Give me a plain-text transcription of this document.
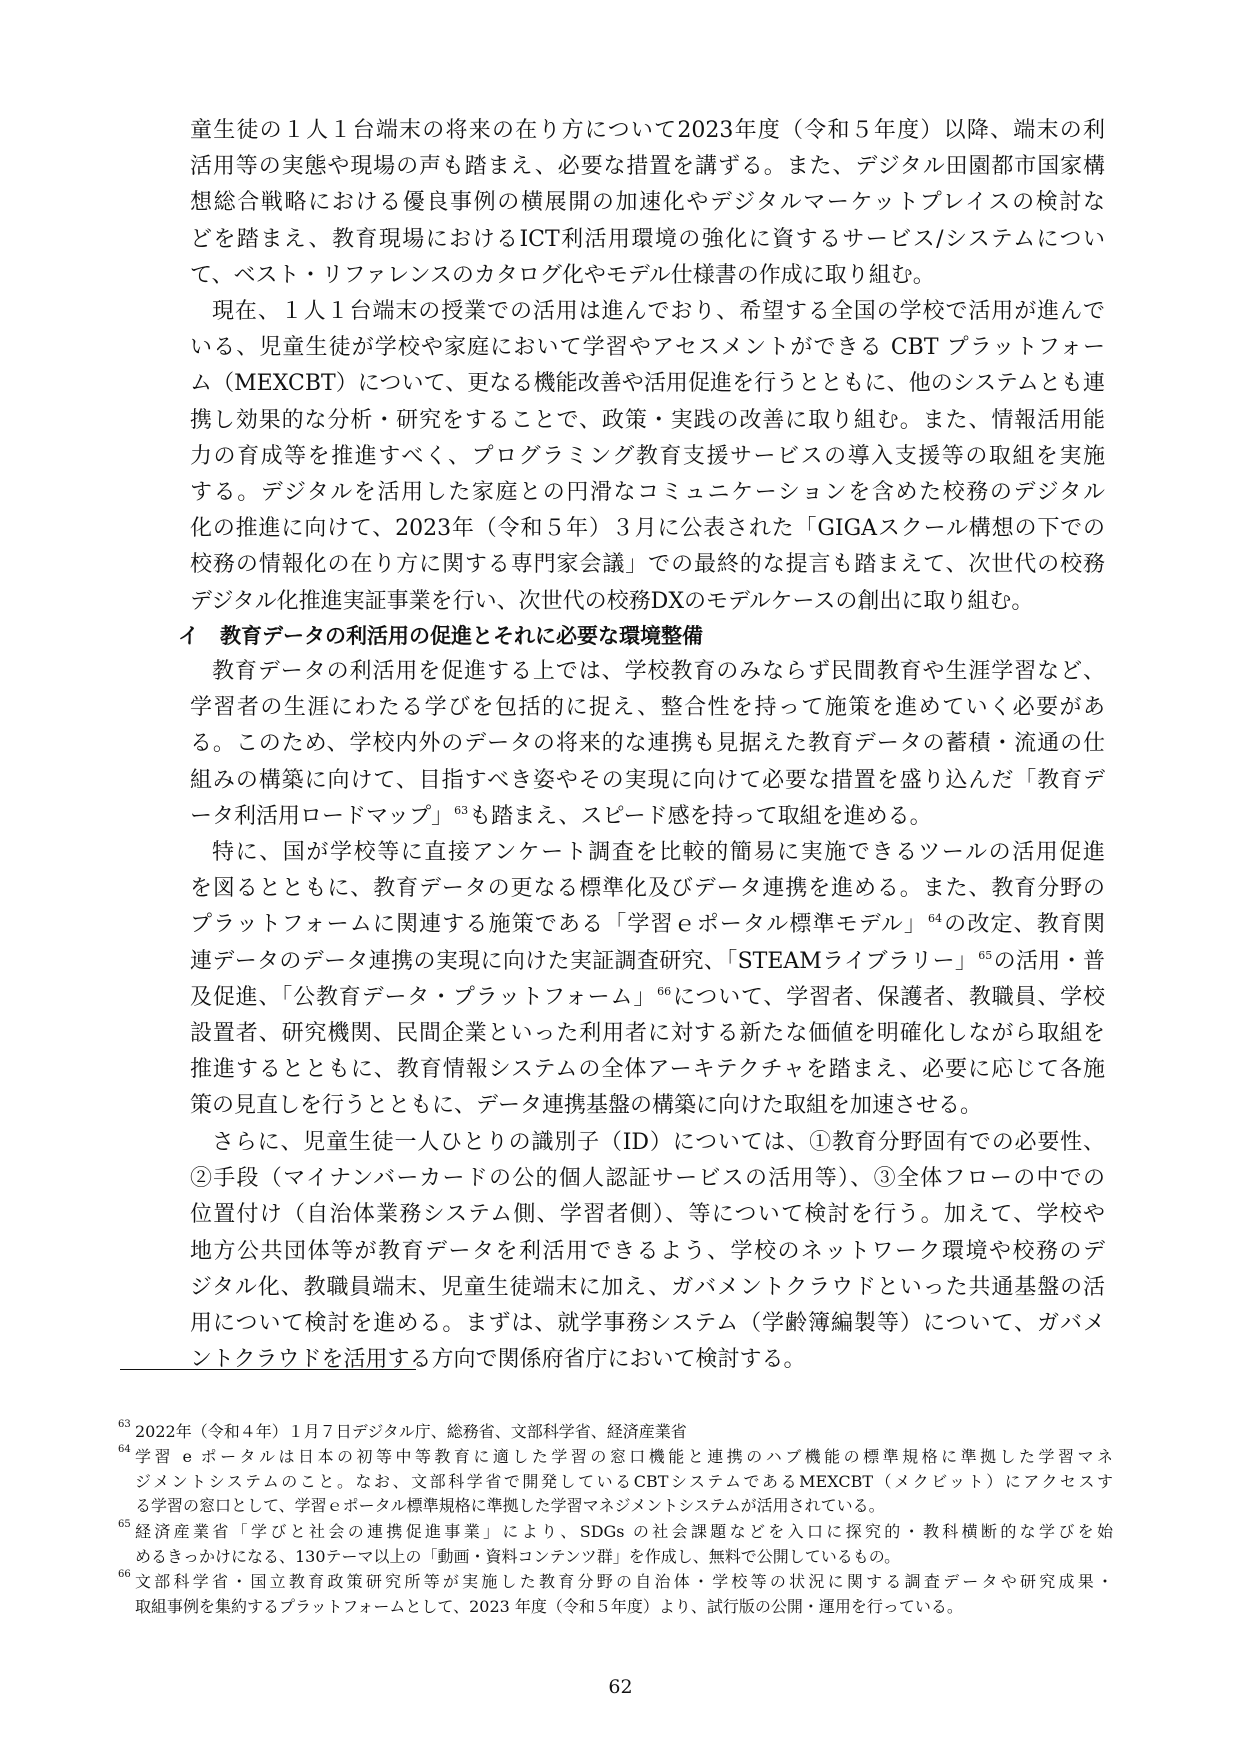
童生徒の１人１台端末の将来の在り方について2023年度（令和５年度）以降、端末の利
活用等の実態や現場の声も踏まえ、必要な措置を講ずる。また、デジタル田園都市国家構
想総合戦略における優良事例の横展開の加速化やデジタルマーケットプレイスの検討な
どを踏まえ、教育現場におけるICT利活用環境の強化に資するサービス/システムについ
て、ベスト・リファレンスのカタログ化やモデル仕様書の作成に取り組む。
現在、１人１台端末の授業での活用は進んでおり、希望する全国の学校で活用が進んで
いる、児童生徒が学校や家庭において学習やアセスメントができる CBT プラットフォー
ム（MEXCBT）について、更なる機能改善や活用促進を行うとともに、他のシステムとも連
携し効果的な分析・研究をすることで、政策・実践の改善に取り組む。また、情報活用能
力の育成等を推進すべく、プログラミング教育支援サービスの導入支援等の取組を実施
する。デジタルを活用した家庭との円滑なコミュニケーションを含めた校務のデジタル
化の推進に向けて、2023年（令和５年）３月に公表された「GIGAスクール構想の下での
校務の情報化の在り方に関する専門家会議」での最終的な提言も踏まえて、次世代の校務
デジタル化推進実証事業を行い、次世代の校務DXのモデルケースの創出に取り組む。
イ　教育データの利活用の促進とそれに必要な環境整備
教育データの利活用を促進する上では、学校教育のみならず民間教育や生涯学習など、
学習者の生涯にわたる学びを包括的に捉え、整合性を持って施策を進めていく必要があ
る。このため、学校内外のデータの将来的な連携も見据えた教育データの蓄積・流通の仕
組みの構築に向けて、目指すべき姿やその実現に向けて必要な措置を盛り込んだ「教育デ
ータ利活用ロードマップ」$^{63}$も踏まえ、スピード感を持って取組を進める。
特に、国が学校等に直接アンケート調査を比較的簡易に実施できるツールの活用促進
を図るとともに、教育データの更なる標準化及びデータ連携を進める。また、教育分野の
プラットフォームに関連する施策である「学習ｅポータル標準モデル」$^{64}$の改定、教育関
連データのデータ連携の実現に向けた実証調査研究、「STEAMライブラリー」$^{65}$の活用・普
及促進、「公教育データ・プラットフォーム」$^{66}$について、学習者、保護者、教職員、学校
設置者、研究機関、民間企業といった利用者に対する新たな価値を明確化しながら取組を
推進するとともに、教育情報システムの全体アーキテクチャを踏まえ、必要に応じて各施
策の見直しを行うとともに、データ連携基盤の構築に向けた取組を加速させる。
さらに、児童生徒一人ひとりの識別子（ID）については、①教育分野固有での必要性、
②手段（マイナンバーカードの公的個人認証サービスの活用等）、③全体フローの中での
位置付け（自治体業務システム側、学習者側）、等について検討を行う。加えて、学校や
地方公共団体等が教育データを利活用できるよう、学校のネットワーク環境や校務のデ
ジタル化、教職員端末、児童生徒端末に加え、ガバメントクラウドといった共通基盤の活
用について検討を進める。まずは、就学事務システム（学齢簿編製等）について、ガバメ
ントクラウドを活用する方向で関係府省庁において検討する。
63 2022年（令和４年）１月７日デジタル庁、総務省、文部科学省、経済産業省
64 学習 e ポータルは日本の初等中等教育に適した学習の窓口機能と連携のハブ機能の標準規格に準拠した学習マネ
ジメントシステムのこと。なお、文部科学省で開発しているCBTシステムであるMEXCBT（メクビット）にアクセスす
る学習の窓口として、学習ｅポータル標準規格に準拠した学習マネジメントシステムが活用されている。
65 経済産業省「学びと社会の連携促進事業」により、SDGs の社会課題などを入口に探究的・教科横断的な学びを始
めるきっかけになる、130テーマ以上の「動画・資料コンテンツ群」を作成し、無料で公開しているもの。
66 文部科学省・国立教育政策研究所等が実施した教育分野の自治体・学校等の状況に関する調査データや研究成果・
取組事例を集約するプラットフォームとして、2023 年度（令和５年度）より、試行版の公開・運用を行っている。
62
